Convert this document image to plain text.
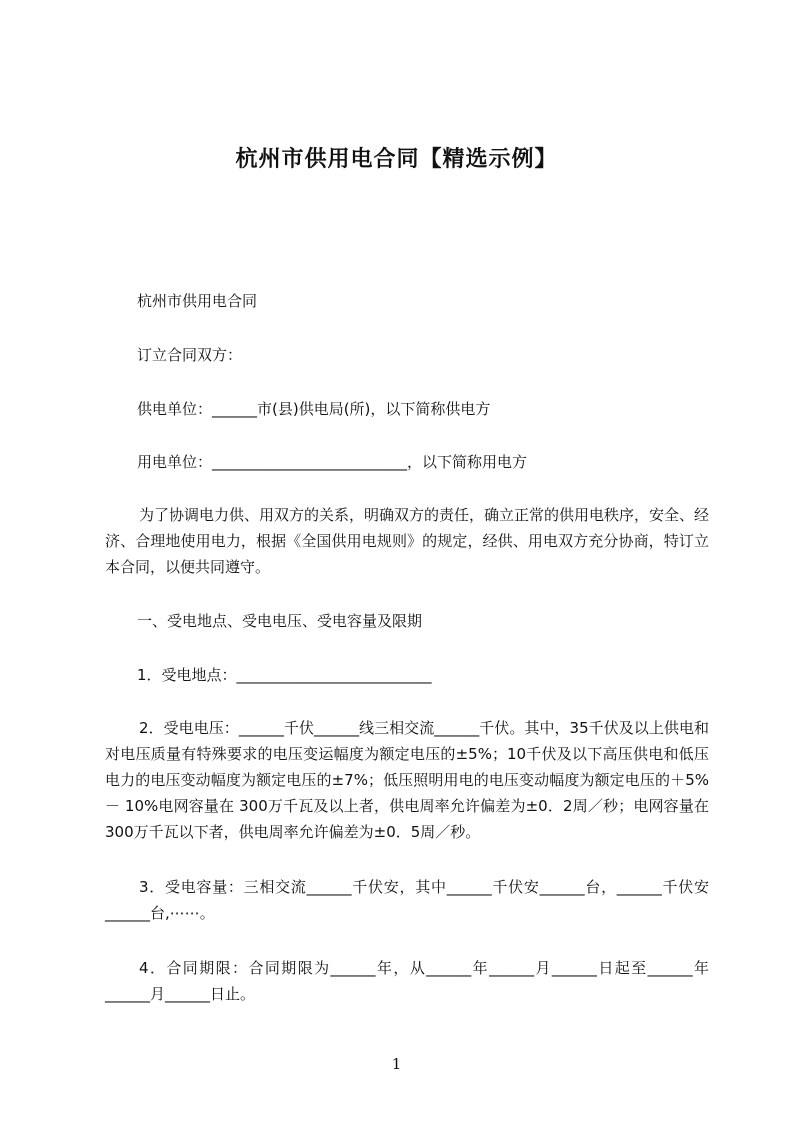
杭州市供用电合同【精选示例】
杭州市供用电合同
订立合同双方：
供电单位：______市(县)供电局(所)，以下简称供电方
用电单位：__________________________，以下简称用电方
为了协调电力供、用双方的关系，明确双方的责任，确立正常的供用电秩序，安全、经济、合理地使用电力，根据《全国供用电规则》的规定，经供、用电双方充分协商，特订立本合同，以便共同遵守。
一、受电地点、受电电压、受电容量及限期
1．受电地点：__________________________
2．受电电压：______千伏______线三相交流______千伏。其中，35千伏及以上供电和对电压质量有特殊要求的电压变运幅度为额定电压的±5%；10千伏及以下高压供电和低压电力的电压变动幅度为额定电压的±7%；低压照明用电的电压变动幅度为额定电压的＋5%－ 10%电网容量在 300万千瓦及以上者，供电周率允许偏差为±0．2周／秒；电网容量在300万千瓦以下者，供电周率允许偏差为±0．5周／秒。
3．受电容量：三相交流______千伏安，其中______千伏安______台，______千伏安______台,⋯⋯。
4．合同期限：合同期限为______年，从______年______月______日起至______年______月______日止。
1
